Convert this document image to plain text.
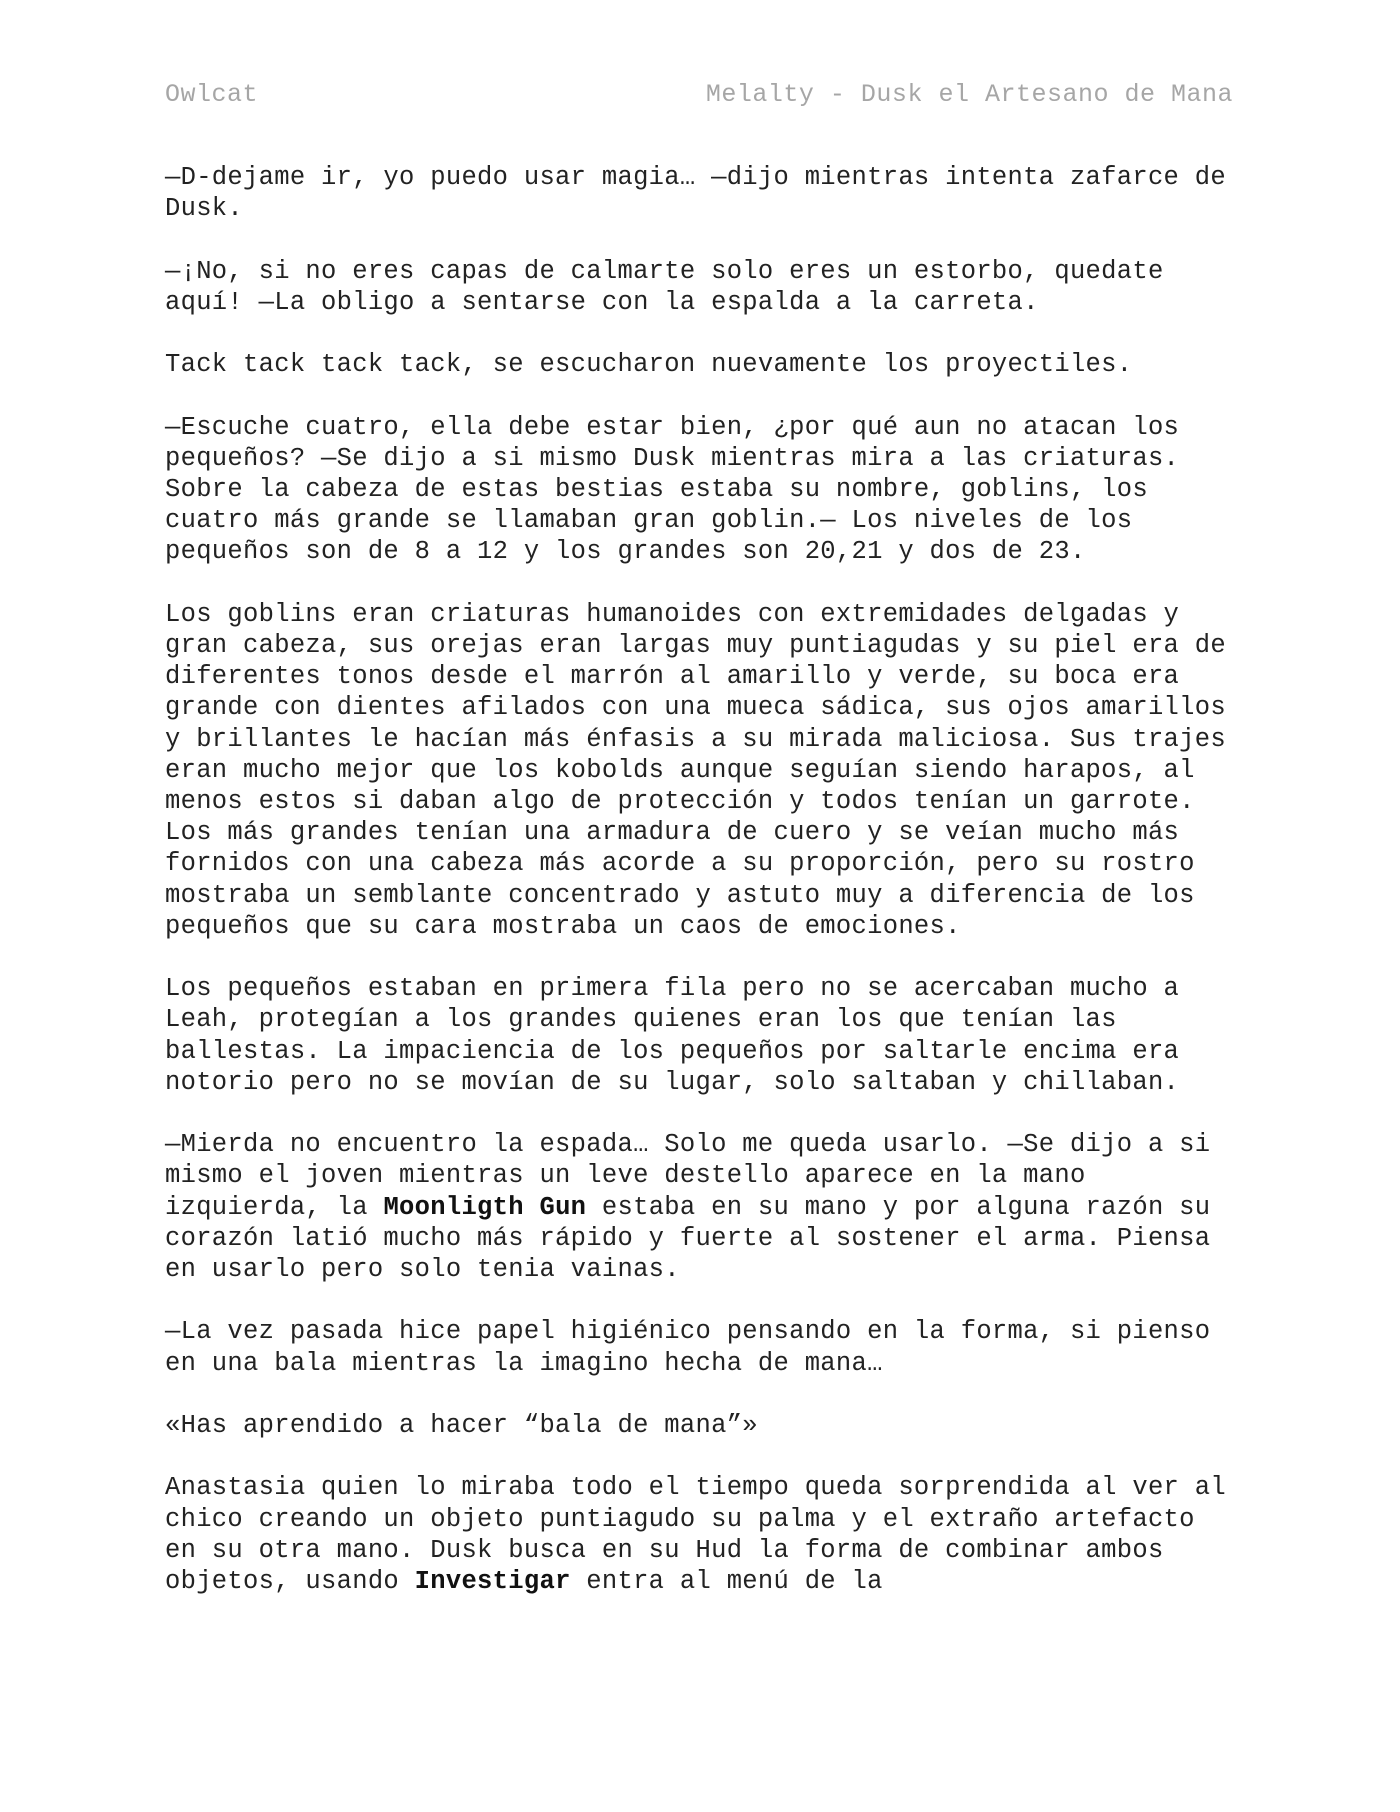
Owlcat	Melalty - Dusk el Artesano de Mana

—D-dejame ir, yo puedo usar magia… —dijo mientras intenta zafarce de Dusk.

—¡No, si no eres capas de calmarte solo eres un estorbo, quedate aquí! —La obligo a sentarse con la espalda a la carreta.

Tack tack tack tack, se escucharon nuevamente los proyectiles.

—Escuche cuatro, ella debe estar bien, ¿por qué aun no atacan los pequeños? —Se dijo a si mismo Dusk mientras mira a las criaturas. Sobre la cabeza de estas bestias estaba su nombre, goblins, los cuatro más grande se llamaban gran goblin.— Los niveles de los pequeños son de 8 a 12 y los grandes son 20,21 y dos de 23.

Los goblins eran criaturas humanoides con extremidades delgadas y gran cabeza, sus orejas eran largas muy puntiagudas y su piel era de diferentes tonos desde el marrón al amarillo y verde, su boca era grande con dientes afilados con una mueca sádica, sus ojos amarillos y brillantes le hacían más énfasis a su mirada maliciosa. Sus trajes eran mucho mejor que los kobolds aunque seguían siendo harapos, al menos estos si daban algo de protección y todos tenían un garrote. Los más grandes tenían una armadura de cuero y se veían mucho más fornidos con una cabeza más acorde a su proporción, pero su rostro mostraba un semblante concentrado y astuto muy a diferencia de los pequeños que su cara mostraba un caos de emociones.

Los pequeños estaban en primera fila pero no se acercaban mucho a Leah, protegían a los grandes quienes eran los que tenían las ballestas. La impaciencia de los pequeños por saltarle encima era notorio pero no se movían de su lugar, solo saltaban y chillaban.

—Mierda no encuentro la espada… Solo me queda usarlo. —Se dijo a si mismo el joven mientras un leve destello aparece en la mano izquierda, la Moonligth Gun estaba en su mano y por alguna razón su corazón latió mucho más rápido y fuerte al sostener el arma. Piensa en usarlo pero solo tenia vainas.

—La vez pasada hice papel higiénico pensando en la forma, si pienso en una bala mientras la imagino hecha de mana…

«Has aprendido a hacer “bala de mana”»

Anastasia quien lo miraba todo el tiempo queda sorprendida al ver al chico creando un objeto puntiagudo su palma y el extraño artefacto en su otra mano. Dusk busca en su Hud la forma de combinar ambos objetos, usando Investigar entra al menú de la
